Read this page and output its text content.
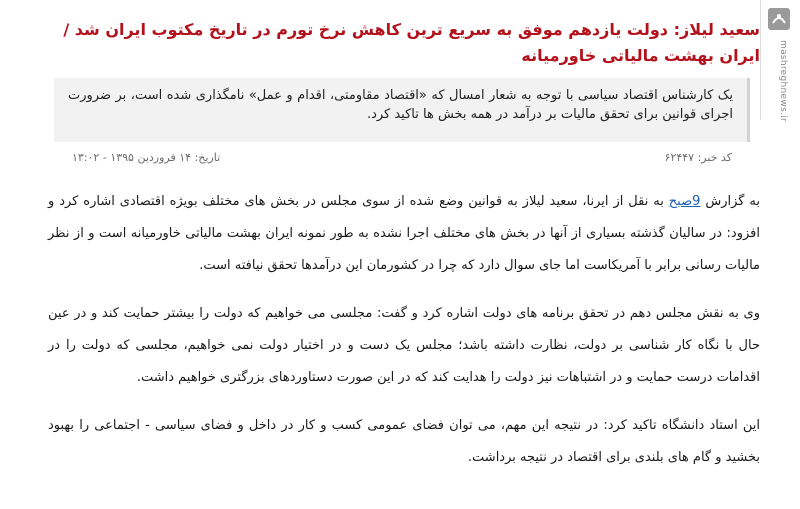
mashreghnews.ir
سعید لیلاز: دولت یازدهم موفق به سریع ترین کاهش نرخ تورم در تاریخ مکتوب ایران شد / ایران بهشت مالیاتی خاورمیانه
یک کارشناس اقتصاد سیاسی با توجه به شعار امسال که «اقتصاد مقاومتی، اقدام و عمل» نامگذاری شده است، بر ضرورت اجرای قوانین برای تحقق مالیات بر درآمد در همه بخش ها تاکید کرد.
کد خبر: ۶۲۴۴۷
تاریخ: ۱۴ فروردین ۱۳۹۵ - ۱۳:۰۲

به گزارش 9صبح به نقل از ایرنا، سعید لیلاز به قوانین وضع شده از سوی مجلس در بخش های مختلف بویژه اقتصادی اشاره کرد و افزود: در سالیان گذشته بسیاری از آنها در بخش های مختلف اجرا نشده به طور نمونه ایران بهشت مالیاتی خاورمیانه است و از نظر مالیات رسانی برابر با آمریکاست اما جای سوال دارد که چرا در کشورمان این درآمدها تحقق نیافته است.

وی به نقش مجلس دهم در تحقق برنامه های دولت اشاره کرد و گفت: مجلسی می خواهیم که دولت را بیشتر حمایت کند و در عین حال با نگاه کار شناسی بر دولت، نظارت داشته باشد؛ مجلس یک دست و در اختیار دولت نمی خواهیم، مجلسی که دولت را در اقدامات درست حمایت و در اشتباهات نیز دولت را هدایت کند که در این صورت دستاوردهای بزرگتری خواهیم داشت.

این استاد دانشگاه تاکید کرد: در نتیجه این مهم، می توان فضای عمومی کسب و کار در داخل و فضای سیاسی - اجتماعی را بهبود بخشید و گام های بلندی برای اقتصاد در نتیجه برداشت.
